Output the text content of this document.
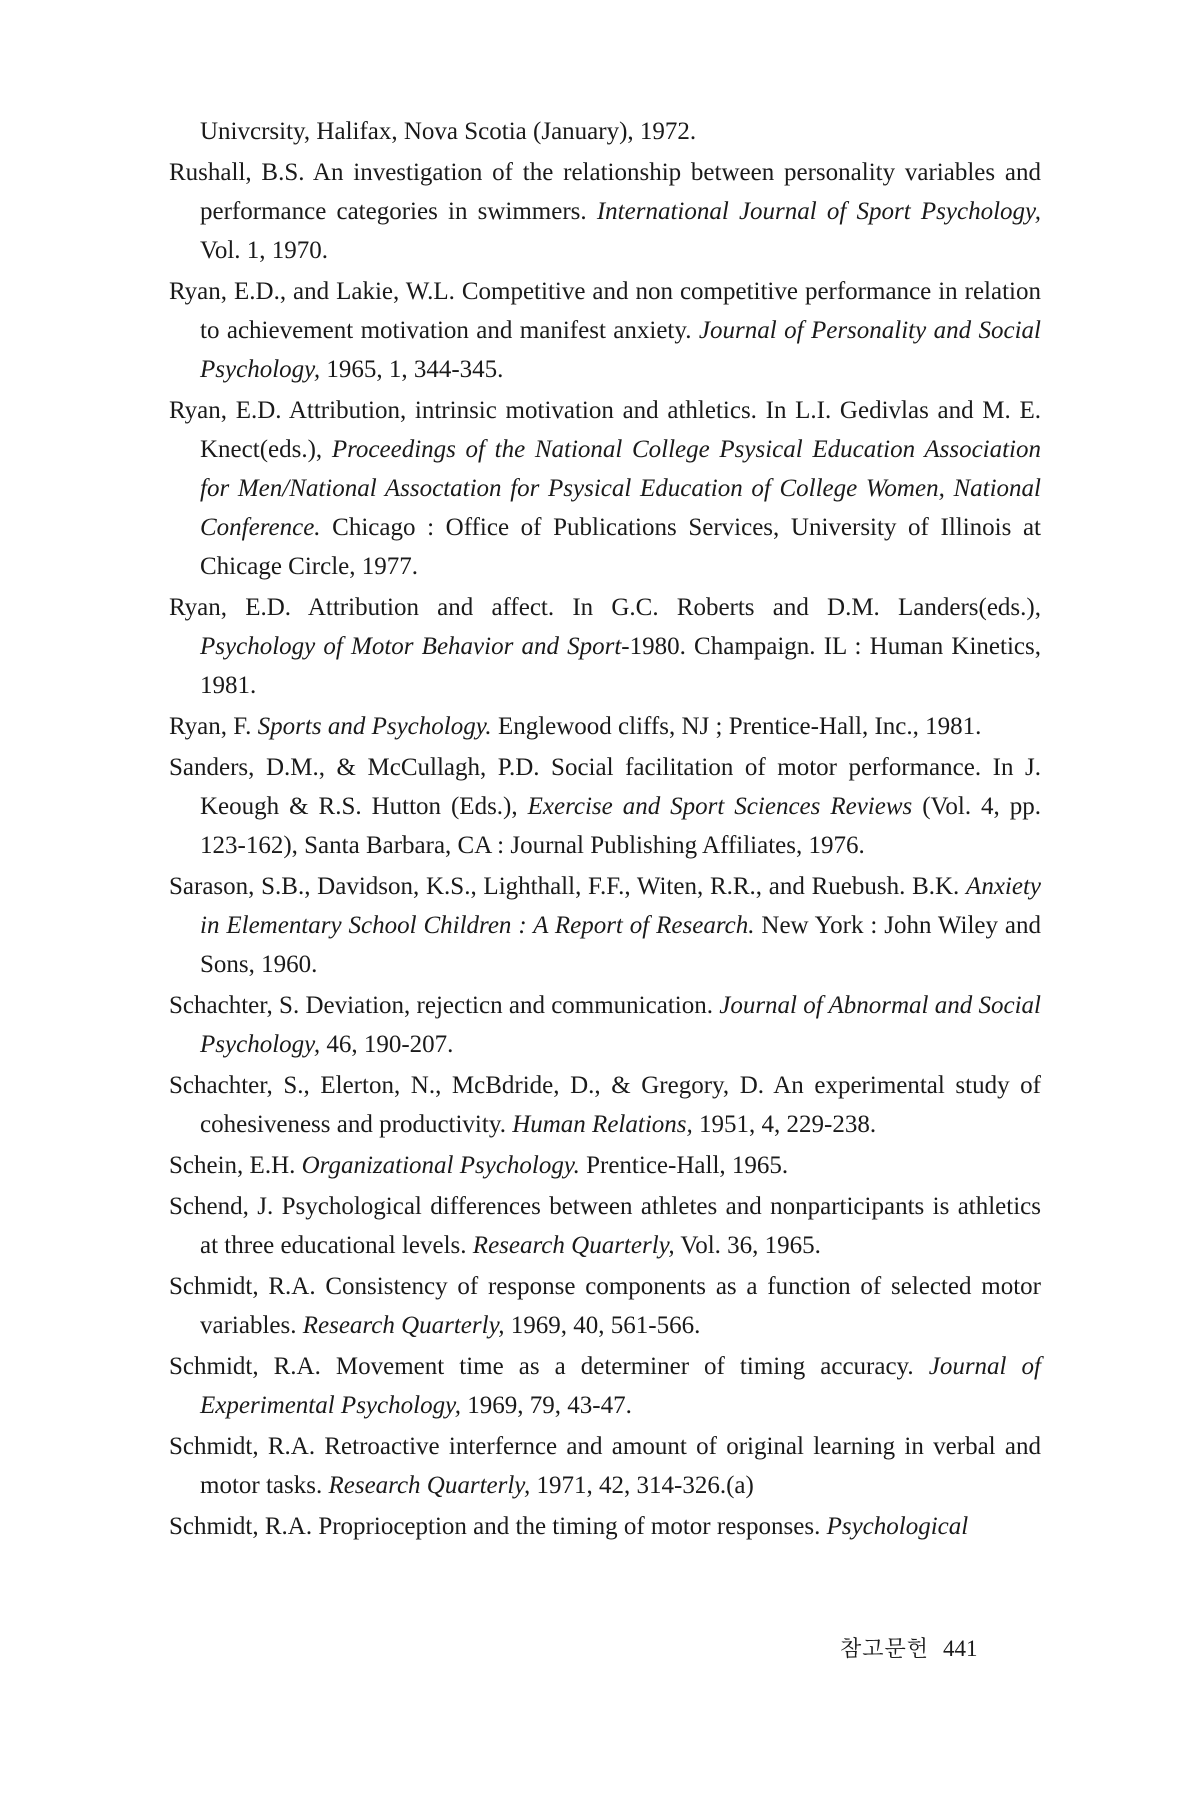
Univcrsity, Halifax, Nova Scotia (January), 1972.

Rushall, B.S. An investigation of the relationship between personality variables and performance categories in swimmers. International Journal of Sport Psychology, Vol. 1, 1970.

Ryan, E.D., and Lakie, W.L. Competitive and non competitive performance in relation to achievement motivation and manifest anxiety. Journal of Personality and Social Psychology, 1965, 1, 344-345.

Ryan, E.D. Attribution, intrinsic motivation and athletics. In L.I. Gedivlas and M. E. Knect(eds.), Proceedings of the National College Psysical Education Association for Men/National Assoctation for Psysical Education of College Women, National Conference. Chicago : Office of Publications Services, University of Illinois at Chicage Circle, 1977.

Ryan, E.D. Attribution and affect. In G.C. Roberts and D.M. Landers(eds.), Psychology of Motor Behavior and Sport-1980. Champaign. IL : Human Kinetics, 1981.

Ryan, F. Sports and Psychology. Englewood cliffs, NJ ; Prentice-Hall, Inc., 1981.

Sanders, D.M., & McCullagh, P.D. Social facilitation of motor performance. In J. Keough & R.S. Hutton (Eds.), Exercise and Sport Sciences Reviews (Vol. 4, pp. 123-162), Santa Barbara, CA : Journal Publishing Affiliates, 1976.

Sarason, S.B., Davidson, K.S., Lighthall, F.F., Witen, R.R., and Ruebush. B.K. Anxiety in Elementary School Children : A Report of Research. New York : John Wiley and Sons, 1960.

Schachter, S. Deviation, rejecticn and communication. Journal of Abnormal and Social Psychology, 46, 190-207.

Schachter, S., Elerton, N., McBdride, D., & Gregory, D. An experimental study of cohesiveness and productivity. Human Relations, 1951, 4, 229-238.

Schein, E.H. Organizational Psychology. Prentice-Hall, 1965.

Schend, J. Psychological differences between athletes and nonparticipants is athletics at three educational levels. Research Quarterly, Vol. 36, 1965.

Schmidt, R.A. Consistency of response components as a function of selected motor variables. Research Quarterly, 1969, 40, 561-566.

Schmidt, R.A. Movement time as a determiner of timing accuracy. Journal of Experimental Psychology, 1969, 79, 43-47.

Schmidt, R.A. Retroactive interfernce and amount of original learning in verbal and motor tasks. Research Quarterly, 1971, 42, 314-326.(a)

Schmidt, R.A. Proprioception and the timing of motor responses. Psychological

참고문헌 441
